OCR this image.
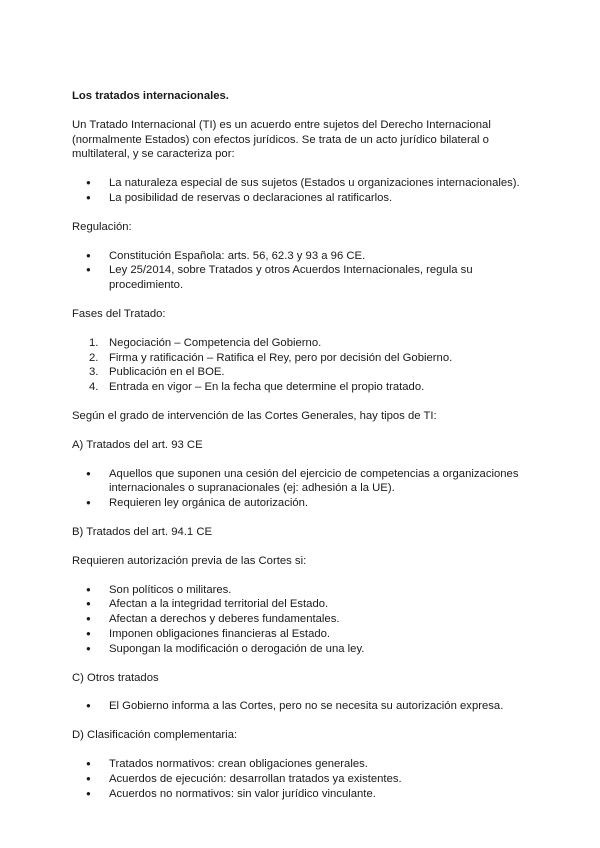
Los tratados internacionales.

Un Tratado Internacional (TI) es un acuerdo entre sujetos del Derecho Internacional (normalmente Estados) con efectos jurídicos. Se trata de un acto jurídico bilateral o multilateral, y se caracteriza por:

● La naturaleza especial de sus sujetos (Estados u organizaciones internacionales).
● La posibilidad de reservas o declaraciones al ratificarlos.

Regulación:

● Constitución Española: arts. 56, 62.3 y 93 a 96 CE.
● Ley 25/2014, sobre Tratados y otros Acuerdos Internacionales, regula su procedimiento.

Fases del Tratado:

1. Negociación – Competencia del Gobierno.
2. Firma y ratificación – Ratifica el Rey, pero por decisión del Gobierno.
3. Publicación en el BOE.
4. Entrada en vigor – En la fecha que determine el propio tratado.

Según el grado de intervención de las Cortes Generales, hay tipos de TI:

A) Tratados del art. 93 CE

● Aquellos que suponen una cesión del ejercicio de competencias a organizaciones internacionales o supranacionales (ej: adhesión a la UE).
● Requieren ley orgánica de autorización.

B) Tratados del art. 94.1 CE

Requieren autorización previa de las Cortes si:

● Son políticos o militares.
● Afectan a la integridad territorial del Estado.
● Afectan a derechos y deberes fundamentales.
● Imponen obligaciones financieras al Estado.
● Supongan la modificación o derogación de una ley.

C) Otros tratados

● El Gobierno informa a las Cortes, pero no se necesita su autorización expresa.

D) Clasificación complementaria:

● Tratados normativos: crean obligaciones generales.
● Acuerdos de ejecución: desarrollan tratados ya existentes.
● Acuerdos no normativos: sin valor jurídico vinculante.
